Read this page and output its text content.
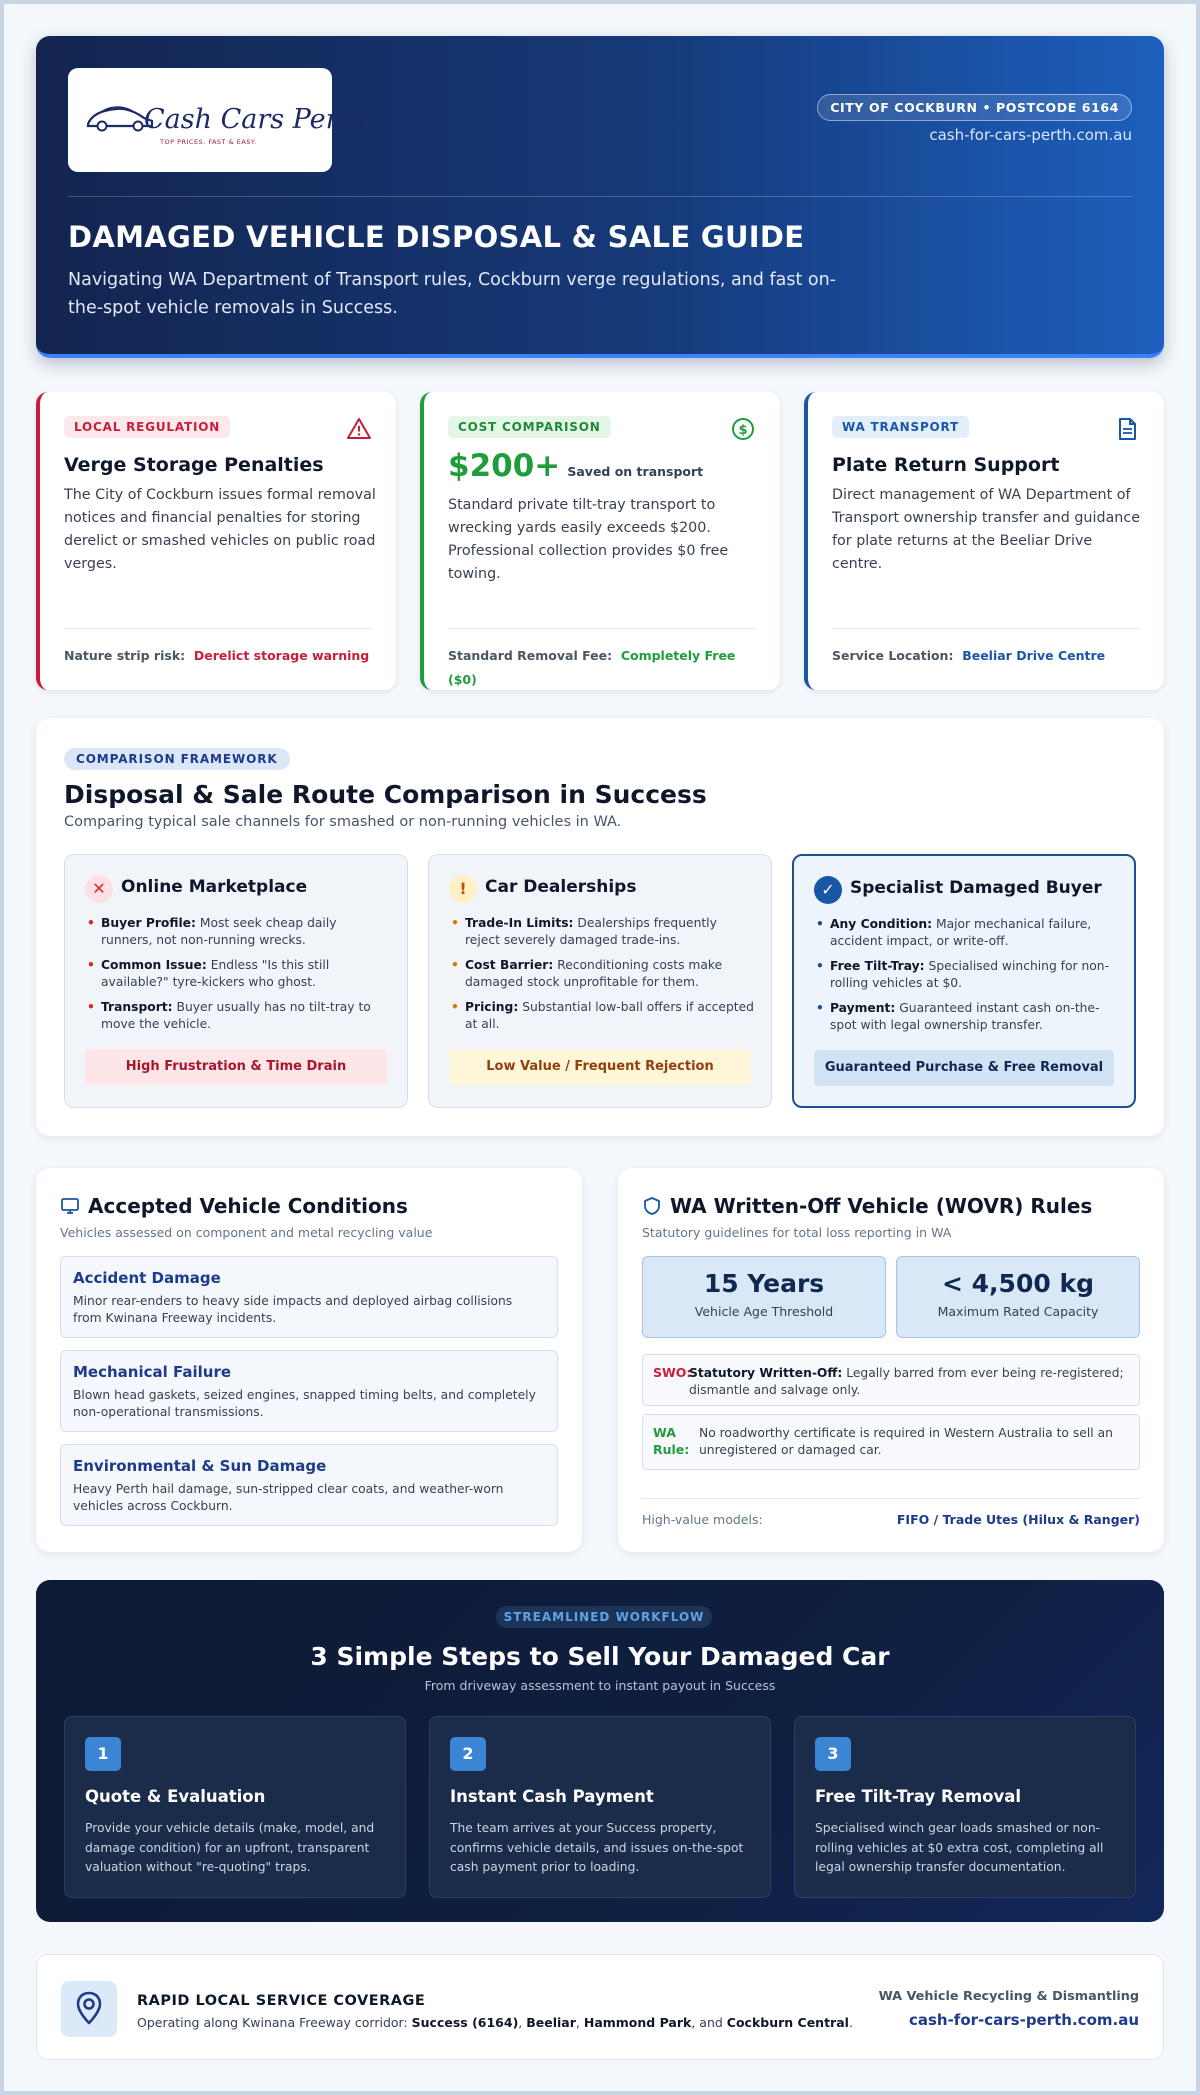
Cash Cars Perth
TOP PRICES. FAST & EASY.
CITY OF COCKBURN • POSTCODE 6164
cash-for-cars-perth.com.au
DAMAGED VEHICLE DISPOSAL & SALE GUIDE
Navigating WA Department of Transport rules, Cockburn verge regulations, and fast on-the-spot vehicle removals in Success.
LOCAL REGULATION
Verge Storage Penalties

The City of Cockburn issues formal removal notices and financial penalties for storing derelict or smashed vehicles on public road verges.

Nature strip risk: Derelict storage warning
COST COMPARISON	$
$200+ Saved on transport

Standard private tilt-tray transport to wrecking yards easily exceeds $200. Professional collection provides $0 free towing.

Standard Removal Fee: Completely Free ($0)
WA TRANSPORT
Plate Return Support

Direct management of WA Department of Transport ownership transfer and guidance for plate returns at the Beeliar Drive centre.

Service Location: Beeliar Drive Centre
COMPARISON FRAMEWORK
Disposal & Sale Route Comparison in Success
Comparing typical sale channels for smashed or non-running vehicles in WA.
✕ Online Marketplace
• Buyer Profile: Most seek cheap daily runners, not non-running wrecks.
• Common Issue: Endless "Is this still available?" tyre-kickers who ghost.
• Transport: Buyer usually has no tilt-tray to move the vehicle.
High Frustration & Time Drain
!	Car Dealerships
• Trade-In Limits: Dealerships frequently reject severely damaged trade-ins.
• Cost Barrier: Reconditioning costs make damaged stock unprofitable for them.
• Pricing: Substantial low-ball offers if accepted at all.
Low Value / Frequent Rejection
✓ Specialist Damaged Buyer
• Any Condition: Major mechanical failure, accident impact, or write-off.
• Free Tilt-Tray: Specialised winching for non-rolling vehicles at $0.
• Payment: Guaranteed instant cash on-the-spot with legal ownership transfer.
Guaranteed Purchase & Free Removal
Accepted Vehicle Conditions
Vehicles assessed on component and metal recycling value
Accident Damage

Minor rear-enders to heavy side impacts and deployed airbag collisions from Kwinana Freeway incidents.

Mechanical Failure

Blown head gaskets, seized engines, snapped timing belts, and completely non-operational transmissions.

Environmental & Sun Damage

Heavy Perth hail damage, sun-stripped clear coats, and weather-worn vehicles across Cockburn.

WA Written-Off Vehicle (WOVR) Rules
Statutory guidelines for total loss reporting in WA
15 Years
Vehicle Age Threshold
< 4,500 kg
Maximum Rated Capacity
SWO:
Statutory Written-Off: Legally barred from ever being re-registered; dismantle and salvage only.
WA Rule:
No roadworthy certificate is required in Western Australia to sell an unregistered or damaged car.
High-value models:	FIFO / Trade Utes (Hilux & Ranger)
STREAMLINED WORKFLOW
3 Simple Steps to Sell Your Damaged Car
From driveway assessment to instant payout in Success
1
Quote & Evaluation

Provide your vehicle details (make, model, and damage condition) for an upfront, transparent valuation without "re-quoting" traps.

2
Instant Cash Payment

The team arrives at your Success property, confirms vehicle details, and issues on-the-spot cash payment prior to loading.

3
Free Tilt-Tray Removal

Specialised winch gear loads smashed or non-rolling vehicles at $0 extra cost, completing all legal ownership transfer documentation.

RAPID LOCAL SERVICE COVERAGE
Operating along Kwinana Freeway corridor: Success (6164), Beeliar, Hammond Park, and Cockburn Central.
WA Vehicle Recycling & Dismantling
cash-for-cars-perth.com.au
